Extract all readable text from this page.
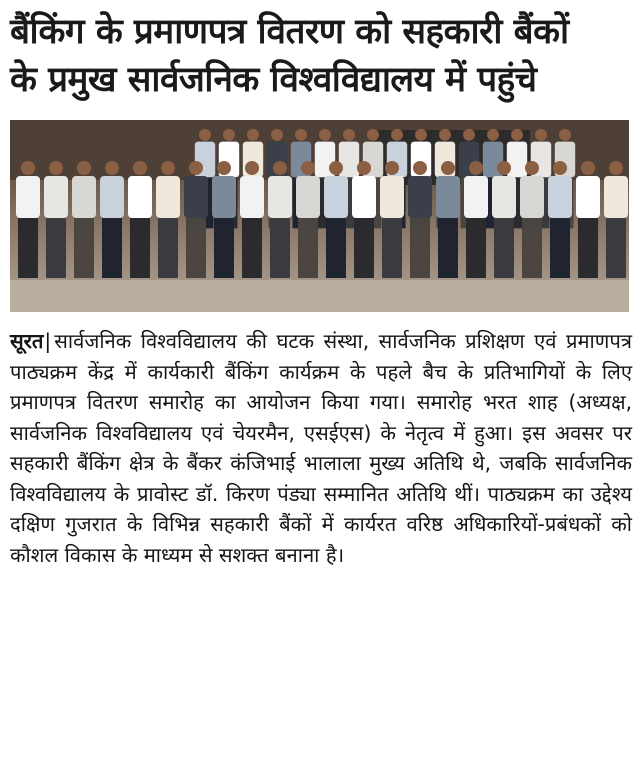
बैंकिंग के प्रमाणपत्र वितरण को सहकारी बैंकों
के प्रमुख सार्वजनिक विश्वविद्यालय में पहुंचे
सूरत| सार्वजनिक विश्वविद्यालय की घटक संस्था, सार्वजनिक प्रशिक्षण एवं प्रमाणपत्र पाठ्यक्रम केंद्र में कार्यकारी बैंकिंग कार्यक्रम के पहले बैच के प्रतिभागियों के लिए प्रमाणपत्र वितरण समारोह का आयोजन किया गया। समारोह भरत शाह (अध्यक्ष, सार्वजनिक विश्वविद्यालय एवं चेयरमैन, एसईएस) के नेतृत्व में हुआ। इस अवसर पर सहकारी बैंकिंग क्षेत्र के बैंकर कंजिभाई भालाला मुख्य अतिथि थे, जबकि सार्वजनिक विश्वविद्यालय के प्रावोस्ट डॉ. किरण पंड्या सम्मानित अतिथि थीं। पाठ्यक्रम का उद्देश्य दक्षिण गुजरात के विभिन्न सहकारी बैंकों में कार्यरत वरिष्ठ अधिकारियों-प्रबंधकों को कौशल विकास के माध्यम से सशक्त बनाना है।
